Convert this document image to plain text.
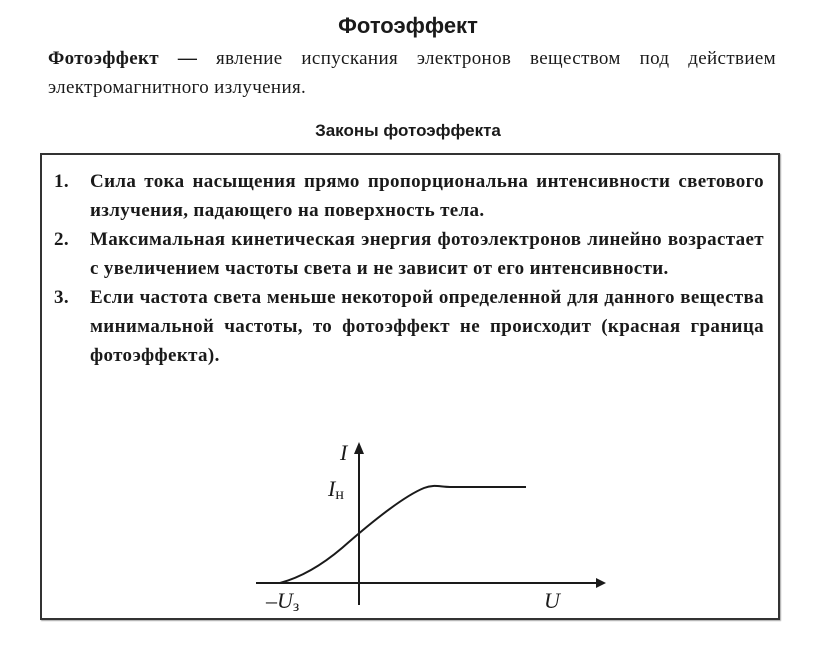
Фотоэффект
Фотоэффект — явление испускания электронов веществом под действием электромагнитного излучения.
Законы фотоэффекта
1. Сила тока насыщения прямо пропорциональна интенсивности светового излучения, падающего на поверхность тела.
2. Максимальная кинетическая энергия фотоэлектронов линейно возрастает с увеличением частоты света и не зависит от его интенсивности.
3. Если частота света меньше некоторой определенной для данного вещества минимальной частоты, то фотоэффект не происходит (красная граница фотоэффекта).
I
U
Iн
–Uз
